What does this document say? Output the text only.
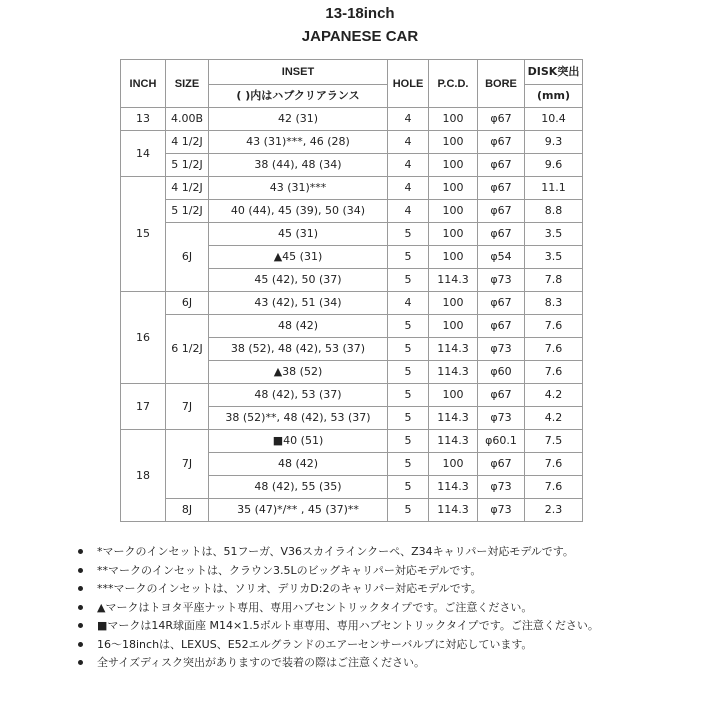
13-18inch
JAPANESE CAR
INCH	SIZE	INSET	HOLE	P.C.D.	BORE	DISK突出
		( )内はハブクリアランス				(mm)
13	4.00B	42 (31)	4	100	φ67	10.4
14	4 1/2J	43 (31)***, 46 (28)	4	100	φ67	9.3
	5 1/2J	38 (44), 48 (34)	4	100	φ67	9.6
15	4 1/2J	43 (31)***	4	100	φ67	11.1
	5 1/2J	40 (44), 45 (39), 50 (34)	4	100	φ67	8.8
	6J	45 (31)	5	100	φ67	3.5
		▲45 (31)	5	100	φ54	3.5
		45 (42), 50 (37)	5	114.3	φ73	7.8
16	6J	43 (42), 51 (34)	4	100	φ67	8.3
	6 1/2J	48 (42)	5	100	φ67	7.6
		38 (52), 48 (42), 53 (37)	5	114.3	φ73	7.6
		▲38 (52)	5	114.3	φ60	7.6
17	7J	48 (42), 53 (37)	5	100	φ67	4.2
		38 (52)**, 48 (42), 53 (37)	5	114.3	φ73	4.2
18	7J	■40 (51)	5	114.3	φ60.1	7.5
		48 (42)	5	100	φ67	7.6
		48 (42), 55 (35)	5	114.3	φ73	7.6
	8J	35 (47)*/** , 45 (37)**	5	114.3	φ73	2.3
*マークのインセットは、51フーガ、V36スカイラインクーペ、Z34キャリパー対応モデルです。
**マークのインセットは、クラウン3.5Lのビッグキャリパー対応モデルです。
***マークのインセットは、ソリオ、デリカD:2のキャリパー対応モデルです。
▲マークはトヨタ平座ナット専用、専用ハブセントリックタイプです。ご注意ください。
■マークは14R球面座 M14×1.5ボルト車専用、専用ハブセントリックタイプです。ご注意ください。
16～18inchは、LEXUS、E52エルグランドのエアーセンサーバルブに対応しています。
全サイズディスク突出がありますので装着の際はご注意ください。
